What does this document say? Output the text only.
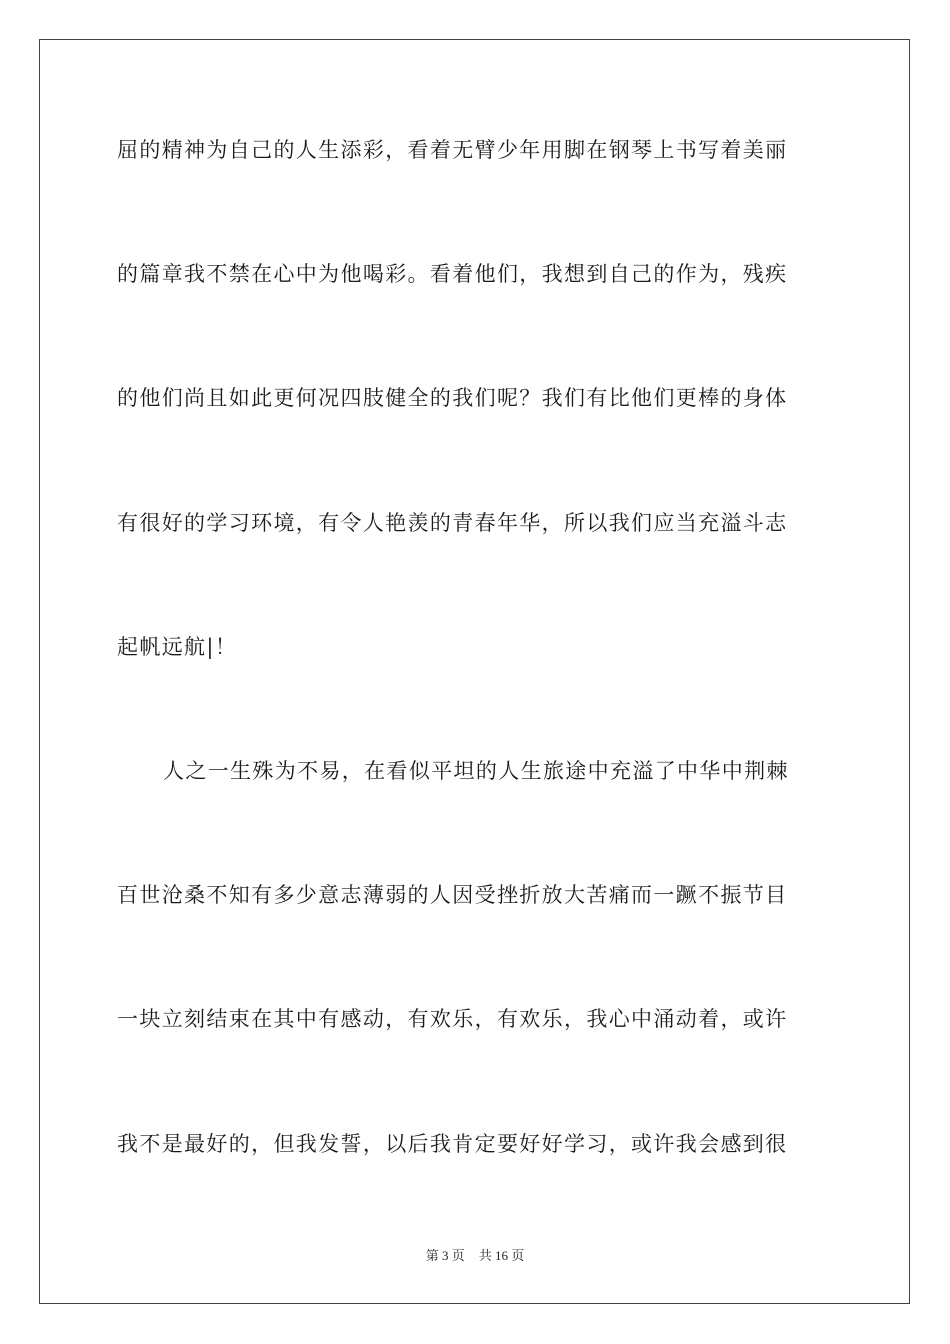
屈的精神为自己的人生添彩，看着无臂少年用脚在钢琴上书写着美丽
的篇章我不禁在心中为他喝彩。看着他们，我想到自己的作为，残疾
的他们尚且如此更何况四肢健全的我们呢？我们有比他们更棒的身体
有很好的学习环境，有令人艳羡的青春年华，所以我们应当充溢斗志
起帆远航|！
人之一生殊为不易，在看似平坦的人生旅途中充溢了中华中荆棘
百世沧桑不知有多少意志薄弱的人因受挫折放大苦痛而一蹶不振节目
一块立刻结束在其中有感动，有欢乐，有欢乐，我心中涌动着，或许
我不是最好的，但我发誓，以后我肯定要好好学习，或许我会感到很
第 3 页 共 16 页
